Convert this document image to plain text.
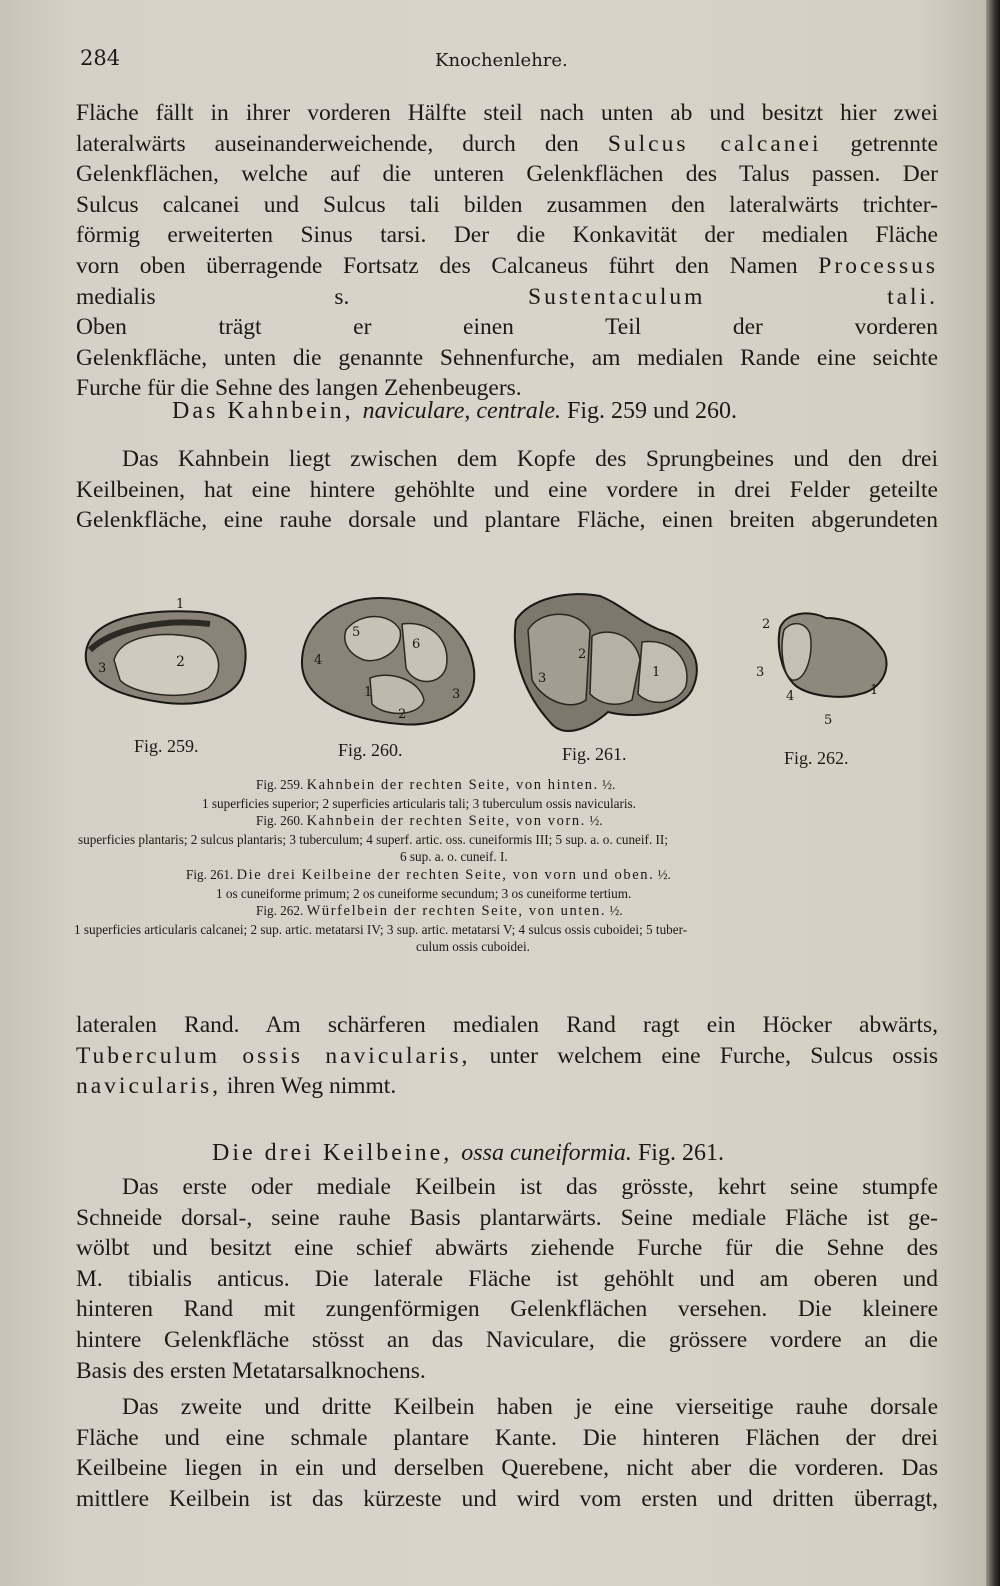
284	Knochenlehre.
Fläche fällt in ihrer vorderen Hälfte steil nach unten ab und besitzt hier zwei
lateralwärts auseinanderweichende, durch den Sulcus calcanei getrennte
Gelenkflächen, welche auf die unteren Gelenkflächen des Talus passen. Der
Sulcus calcanei und Sulcus tali bilden zusammen den lateralwärts trichter-
förmig erweiterten Sinus tarsi. Der die Konkavität der medialen Fläche
vorn oben überragende Fortsatz des Calcaneus führt den Namen Processus
medialis s. Sustentaculum tali.
Oben trägt er einen Teil der vorderen
Gelenkfläche, unten die genannte Sehnenfurche, am medialen Rande eine seichte
Furche für die Sehne des langen Zehenbeugers.
Das Kahnbein, naviculare, centrale. Fig. 259 und 260.
Das Kahnbein liegt zwischen dem Kopfe des Sprungbeines und den drei
Keilbeinen, hat eine hintere gehöhlte und eine vordere in drei Felder geteilte
Gelenkfläche, eine rauhe dorsale und plantare Fläche, einen breiten abgerundeten
2
1
3
5
6
4
1	3
2
3
2
1
2
3
4	1
5
Fig. 259.	Fig. 260.	Fig. 261.	Fig. 262.
Fig. 259. Kahnbein der rechten Seite, von hinten. ½.
1 superficies superior; 2 superficies articularis tali; 3 tuberculum ossis navicularis.
Fig. 260. Kahnbein der rechten Seite, von vorn. ½.
superficies plantaris; 2 sulcus plantaris; 3 tuberculum; 4 superf. artic. oss. cuneiformis III; 5 sup. a. o. cuneif. II;
6 sup. a. o. cuneif. I.
Fig. 261. Die drei Keilbeine der rechten Seite, von vorn und oben. ½.
1 os cuneiforme primum; 2 os cuneiforme secundum; 3 os cuneiforme tertium.
Fig. 262. Würfelbein der rechten Seite, von unten. ½.
1 superficies articularis calcanei; 2 sup. artic. metatarsi IV; 3 sup. artic. metatarsi V; 4 sulcus ossis cuboidei; 5 tuber-
culum ossis cuboidei.
lateralen Rand. Am schärferen medialen Rand ragt ein Höcker abwärts,
Tuberculum ossis navicularis, unter welchem eine Furche, Sulcus ossis
navicularis, ihren Weg nimmt.
Die drei Keilbeine, ossa cuneiformia. Fig. 261.
Das erste oder mediale Keilbein ist das grösste, kehrt seine stumpfe
Schneide dorsal-, seine rauhe Basis plantarwärts. Seine mediale Fläche ist ge-
wölbt und besitzt eine schief abwärts ziehende Furche für die Sehne des
M. tibialis anticus. Die laterale Fläche ist gehöhlt und am oberen und
hinteren Rand mit zungenförmigen Gelenkflächen versehen. Die kleinere
hintere Gelenkfläche stösst an das Naviculare, die grössere vordere an die
Basis des ersten Metatarsalknochens.
Das zweite und dritte Keilbein haben je eine vierseitige rauhe dorsale
Fläche und eine schmale plantare Kante. Die hinteren Flächen der drei
Keilbeine liegen in ein und derselben Querebene, nicht aber die vorderen. Das
mittlere Keilbein ist das kürzeste und wird vom ersten und dritten überragt,
